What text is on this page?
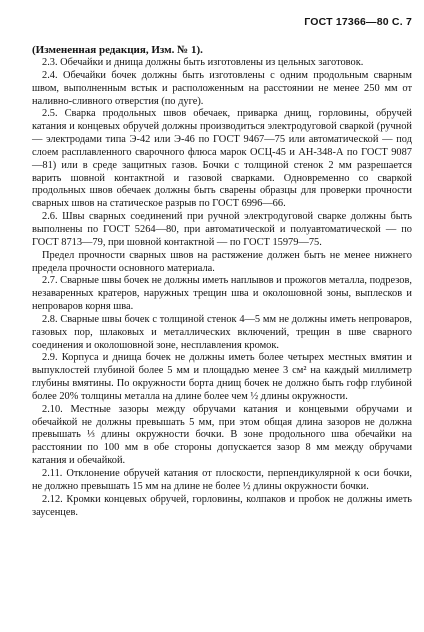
ГОСТ 17366—80 С. 7

(Измененная редакция, Изм. № 1).

2.3. Обечайки и днища должны быть изготовлены из цельных заготовок.

2.4. Обечайки бочек должны быть изготовлены с одним продольным сварным швом, выполненным встык и расположенным на расстоянии не менее 250 мм от наливно-сливного отверстия (по дуге).

2.5. Сварка продольных швов обечаек, приварка днищ, горловины, обручей катания и концевых обручей должны производиться электродуговой сваркой (ручной — электродами типа Э-42 или Э-46 по ГОСТ 9467—75 или автоматической — под слоем расплавленного сварочного флюса марок ОСЦ-45 и АН-348-А по ГОСТ 9087—81) или в среде защитных газов. Бочки с толщиной стенок 2 мм разрешается варить шовной контактной и газовой сварками. Одновременно со сваркой продольных швов обечаек должны быть сварены образцы для проверки прочности сварных швов на статическое разрыв по ГОСТ 6996—66.

2.6. Швы сварных соединений при ручной электродуговой сварке должны быть выполнены по ГОСТ 5264—80, при автоматической и полуавтоматической — по ГОСТ 8713—79, при шовной контактной — по ГОСТ 15979—75.

Предел прочности сварных швов на растяжение должен быть не менее нижнего предела прочности основного материала.

2.7. Сварные швы бочек не должны иметь наплывов и прожогов металла, подрезов, незаваренных кратеров, наружных трещин шва и околошовной зоны, выплесков и непроваров корня шва.

2.8. Сварные швы бочек с толщиной стенок 4—5 мм не должны иметь непроваров, газовых пор, шлаковых и металлических включений, трещин в шве сварного соединения и околошовной зоне, несплавления кромок.

2.9. Корпуса и днища бочек не должны иметь более четырех местных вмятин и выпуклостей глубиной более 5 мм и площадью менее 3 см² на каждый миллиметр глубины вмятины. По окружности борта днищ бочек не должно быть гофр глубиной более 20% толщины металла на длине более чем ½ длины окружности.

2.10. Местные зазоры между обручами катания и концевыми обручами и обечайкой не должны превышать 5 мм, при этом общая длина зазоров не должна превышать ⅓ длины окружности бочки. В зоне продольного шва обечайки на расстоянии по 100 мм в обе стороны допускается зазор 8 мм между обручами катания и обечайкой.

2.11. Отклонение обручей катания от плоскости, перпендикулярной к оси бочки, не должно превышать 15 мм на длине не более ½ длины окружности бочки.

2.12. Кромки концевых обручей, горловины, колпаков и пробок не должны иметь заусенцев.
